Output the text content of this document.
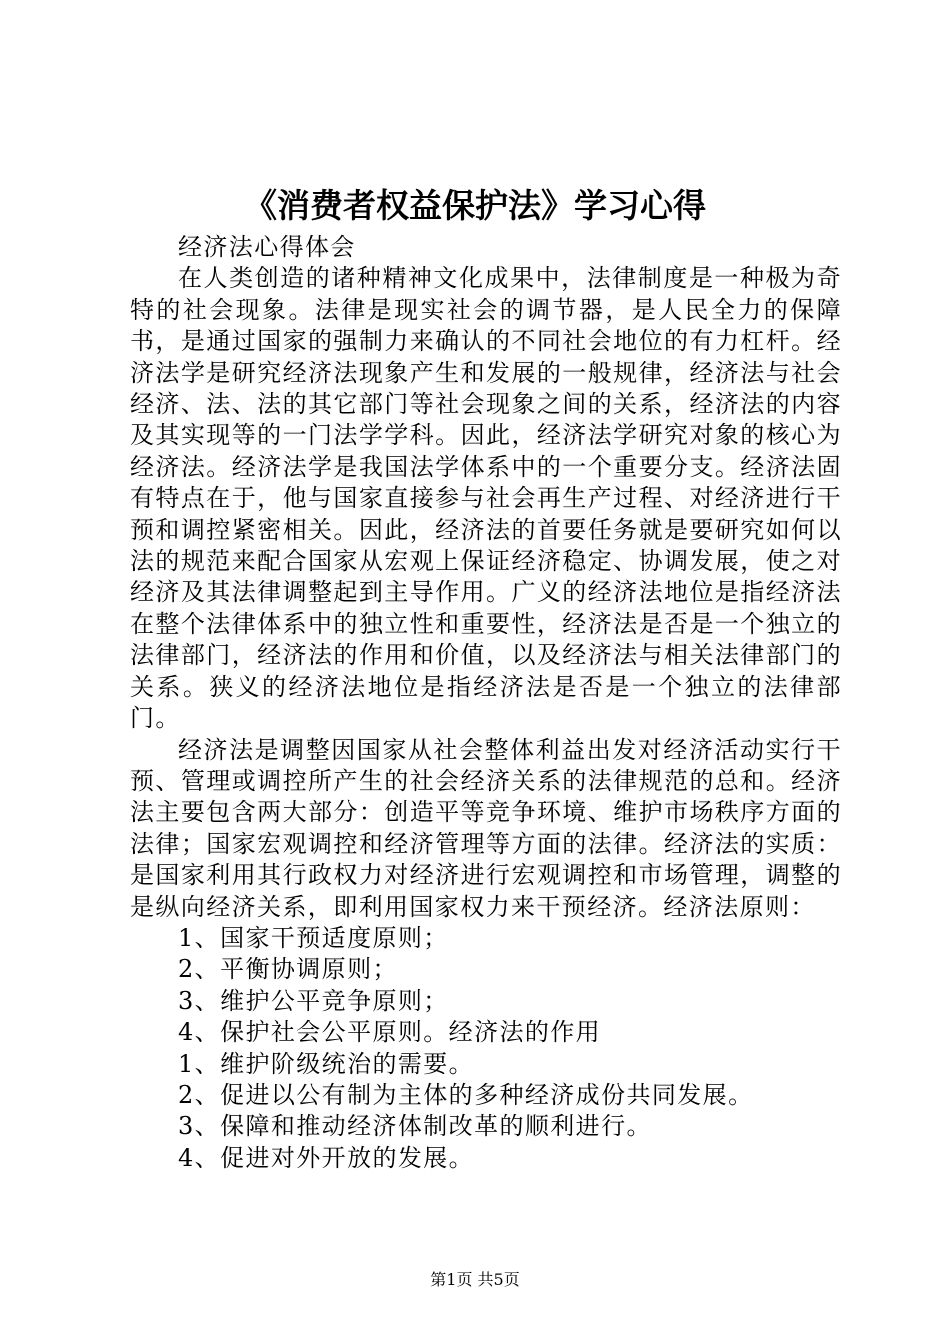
《消费者权益保护法》学习心得

经济法心得体会

在人类创造的诸种精神文化成果中，法律制度是一种极为奇特的社会现象。法律是现实社会的调节器，是人民全力的保障书，是通过国家的强制力来确认的不同社会地位的有力杠杆。经济法学是研究经济法现象产生和发展的一般规律，经济法与社会经济、法、法的其它部门等社会现象之间的关系，经济法的内容及其实现等的一门法学学科。因此，经济法学研究对象的核心为经济法。经济法学是我国法学体系中的一个重要分支。经济法固有特点在于，他与国家直接参与社会再生产过程、对经济进行干预和调控紧密相关。因此，经济法的首要任务就是要研究如何以法的规范来配合国家从宏观上保证经济稳定、协调发展，使之对经济及其法律调整起到主导作用。广义的经济法地位是指经济法在整个法律体系中的独立性和重要性，经济法是否是一个独立的法律部门，经济法的作用和价值，以及经济法与相关法律部门的关系。狭义的经济法地位是指经济法是否是一个独立的法律部门。

经济法是调整因国家从社会整体利益出发对经济活动实行干预、管理或调控所产生的社会经济关系的法律规范的总和。经济法主要包含两大部分：创造平等竞争环境、维护市场秩序方面的法律；国家宏观调控和经济管理等方面的法律。经济法的实质：是国家利用其行政权力对经济进行宏观调控和市场管理，调整的是纵向经济关系，即利用国家权力来干预经济。经济法原则：

1、国家干预适度原则；

2、平衡协调原则；

3、维护公平竞争原则；

4、保护社会公平原则。经济法的作用

1、维护阶级统治的需要。

2、促进以公有制为主体的多种经济成份共同发展。

3、保障和推动经济体制改革的顺利进行。

4、促进对外开放的发展。

第1页 共5页
